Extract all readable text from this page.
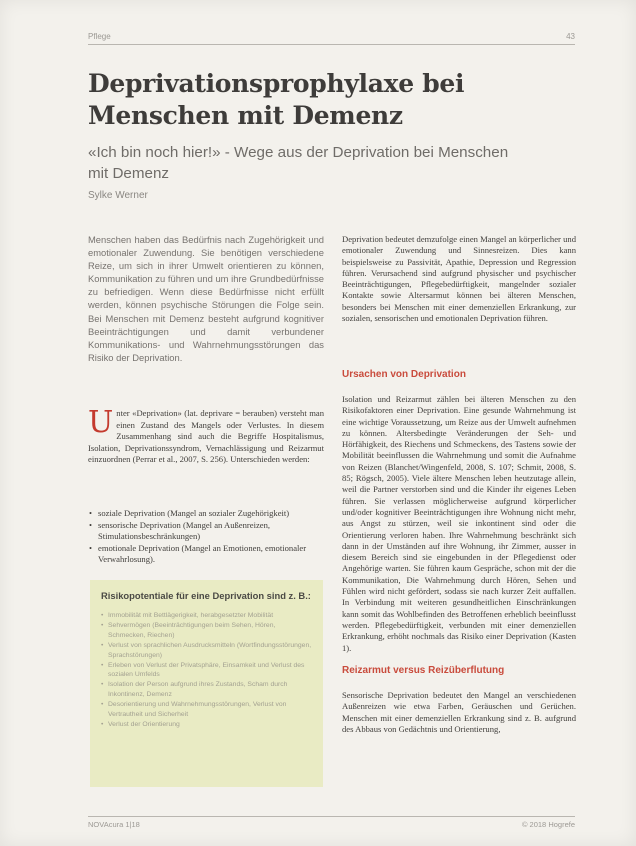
Pflege	43
Deprivationsprophylaxe bei Menschen mit Demenz
«Ich bin noch hier!» - Wege aus der Deprivation bei Menschen mit Demenz
Sylke Werner

Menschen haben das Bedürfnis nach Zugehörigkeit und emotionaler Zuwendung. Sie benötigen verschiedene Reize, um sich in ihrer Umwelt orientieren zu können, Kommunikation zu führen und um ihre Grundbedürfnisse zu befriedigen. Wenn diese Bedürfnisse nicht erfüllt werden, können psychische Störungen die Folge sein. Bei Menschen mit Demenz besteht aufgrund kognitiver Beeinträchtigungen und damit verbundener Kommunikations- und Wahrnehmungsstörungen das Risiko der Deprivation.

Unter «Deprivation» (lat. deprivare = berauben) versteht man einen Zustand des Mangels oder Verlustes. In diesem Zusammenhang sind auch die Begriffe Hospitalismus, Isolation, Deprivationssyndrom, Vernachlässigung und Reizarmut einzuordnen (Perrar et al., 2007, S. 256). Unterschieden werden:

• soziale Deprivation (Mangel an sozialer Zugehörigkeit)
• sensorische Deprivation (Mangel an Außenreizen, Stimulationsbeschränkungen)
• emotionale Deprivation (Mangel an Emotionen, emotionaler Verwahrlosung).
Risikopotentiale für eine Deprivation sind z. B.:
• Immobilität mit Bettlägerigkeit, herabgesetzter Mobilität
• Sehvermögen (Beeinträchtigungen beim Sehen, Hören, Schmecken, Riechen)
• Verlust von sprachlichen Ausdrucksmitteln (Wortfindungsstörungen, Sprachstörungen)
• Erleben von Verlust der Privatsphäre, Einsamkeit und Verlust des sozialen Umfelds
• Isolation der Person aufgrund ihres Zustands, Scham durch Inkontinenz, Demenz
• Desorientierung und Wahrnehmungsstörungen, Verlust von Vertrautheit und Sicherheit
• Verlust der Orientierung

Deprivation bedeutet demzufolge einen Mangel an körperlicher und emotionaler Zuwendung und Sinnesreizen. Dies kann beispielsweise zu Passivität, Apathie, Depression und Regression führen. Verursachend sind aufgrund physischer und psychischer Beeinträchtigungen, Pflegebedürftigkeit, mangelnder sozialer Kontakte sowie Altersarmut können bei älteren Menschen, besonders bei Menschen mit einer demenziellen Erkrankung, zur sozialen, sensorischen und emotionalen Deprivation führen.

Ursachen von Deprivation

Isolation und Reizarmut zählen bei älteren Menschen zu den Risikofaktoren einer Deprivation. Eine gesunde Wahrnehmung ist eine wichtige Voraussetzung, um Reize aus der Umwelt aufnehmen zu können. Altersbedingte Veränderungen der Seh- und Hörfähigkeit, des Riechens und Schmeckens, des Tastens sowie der Mobilität beeinflussen die Wahrnehmung und somit die Aufnahme von Reizen (Blanchet/Wingenfeld, 2008, S. 107; Schmit, 2008, S. 85; Rögsch, 2005). Viele ältere Menschen leben heutzutage allein, weil die Partner verstorben sind und die Kinder ihr eigenes Leben führen. Sie verlassen möglicherweise aufgrund körperlicher und/oder kognitiver Beeinträchtigungen ihre Wohnung nicht mehr, aus Angst zu stürzen, weil sie inkontinent sind oder die Orientierung verloren haben. Ihre Wahrnehmung beschränkt sich dann in der Umständen auf ihre Wohnung, ihr Zimmer, ausser in diesem Bereich sind sie eingebunden in der Pflegedienst oder Angehörige warten. Sie führen kaum Gespräche, schon mit der die Kommunikation, Die Wahrnehmung durch Hören, Sehen und Fühlen wird nicht gefördert, sodass sie nach kurzer Zeit auffallen. In Verbindung mit weiteren gesundheitlichen Einschränkungen kann somit das Wohlbefinden des Betroffenen erheblich beeinflusst werden. Pflegebedürftigkeit, verbunden mit einer demenziellen Erkrankung, erhöht nochmals das Risiko einer Deprivation (Kasten 1).

Reizarmut versus Reizüberflutung

Sensorische Deprivation bedeutet den Mangel an verschiedenen Außenreizen wie etwa Farben, Geräuschen und Gerüchen. Menschen mit einer demenziellen Erkrankung sind z. B. aufgrund des Abbaus von Gedächtnis und Orientierung,

NOVAcura 1|18	© 2018 Hogrefe
